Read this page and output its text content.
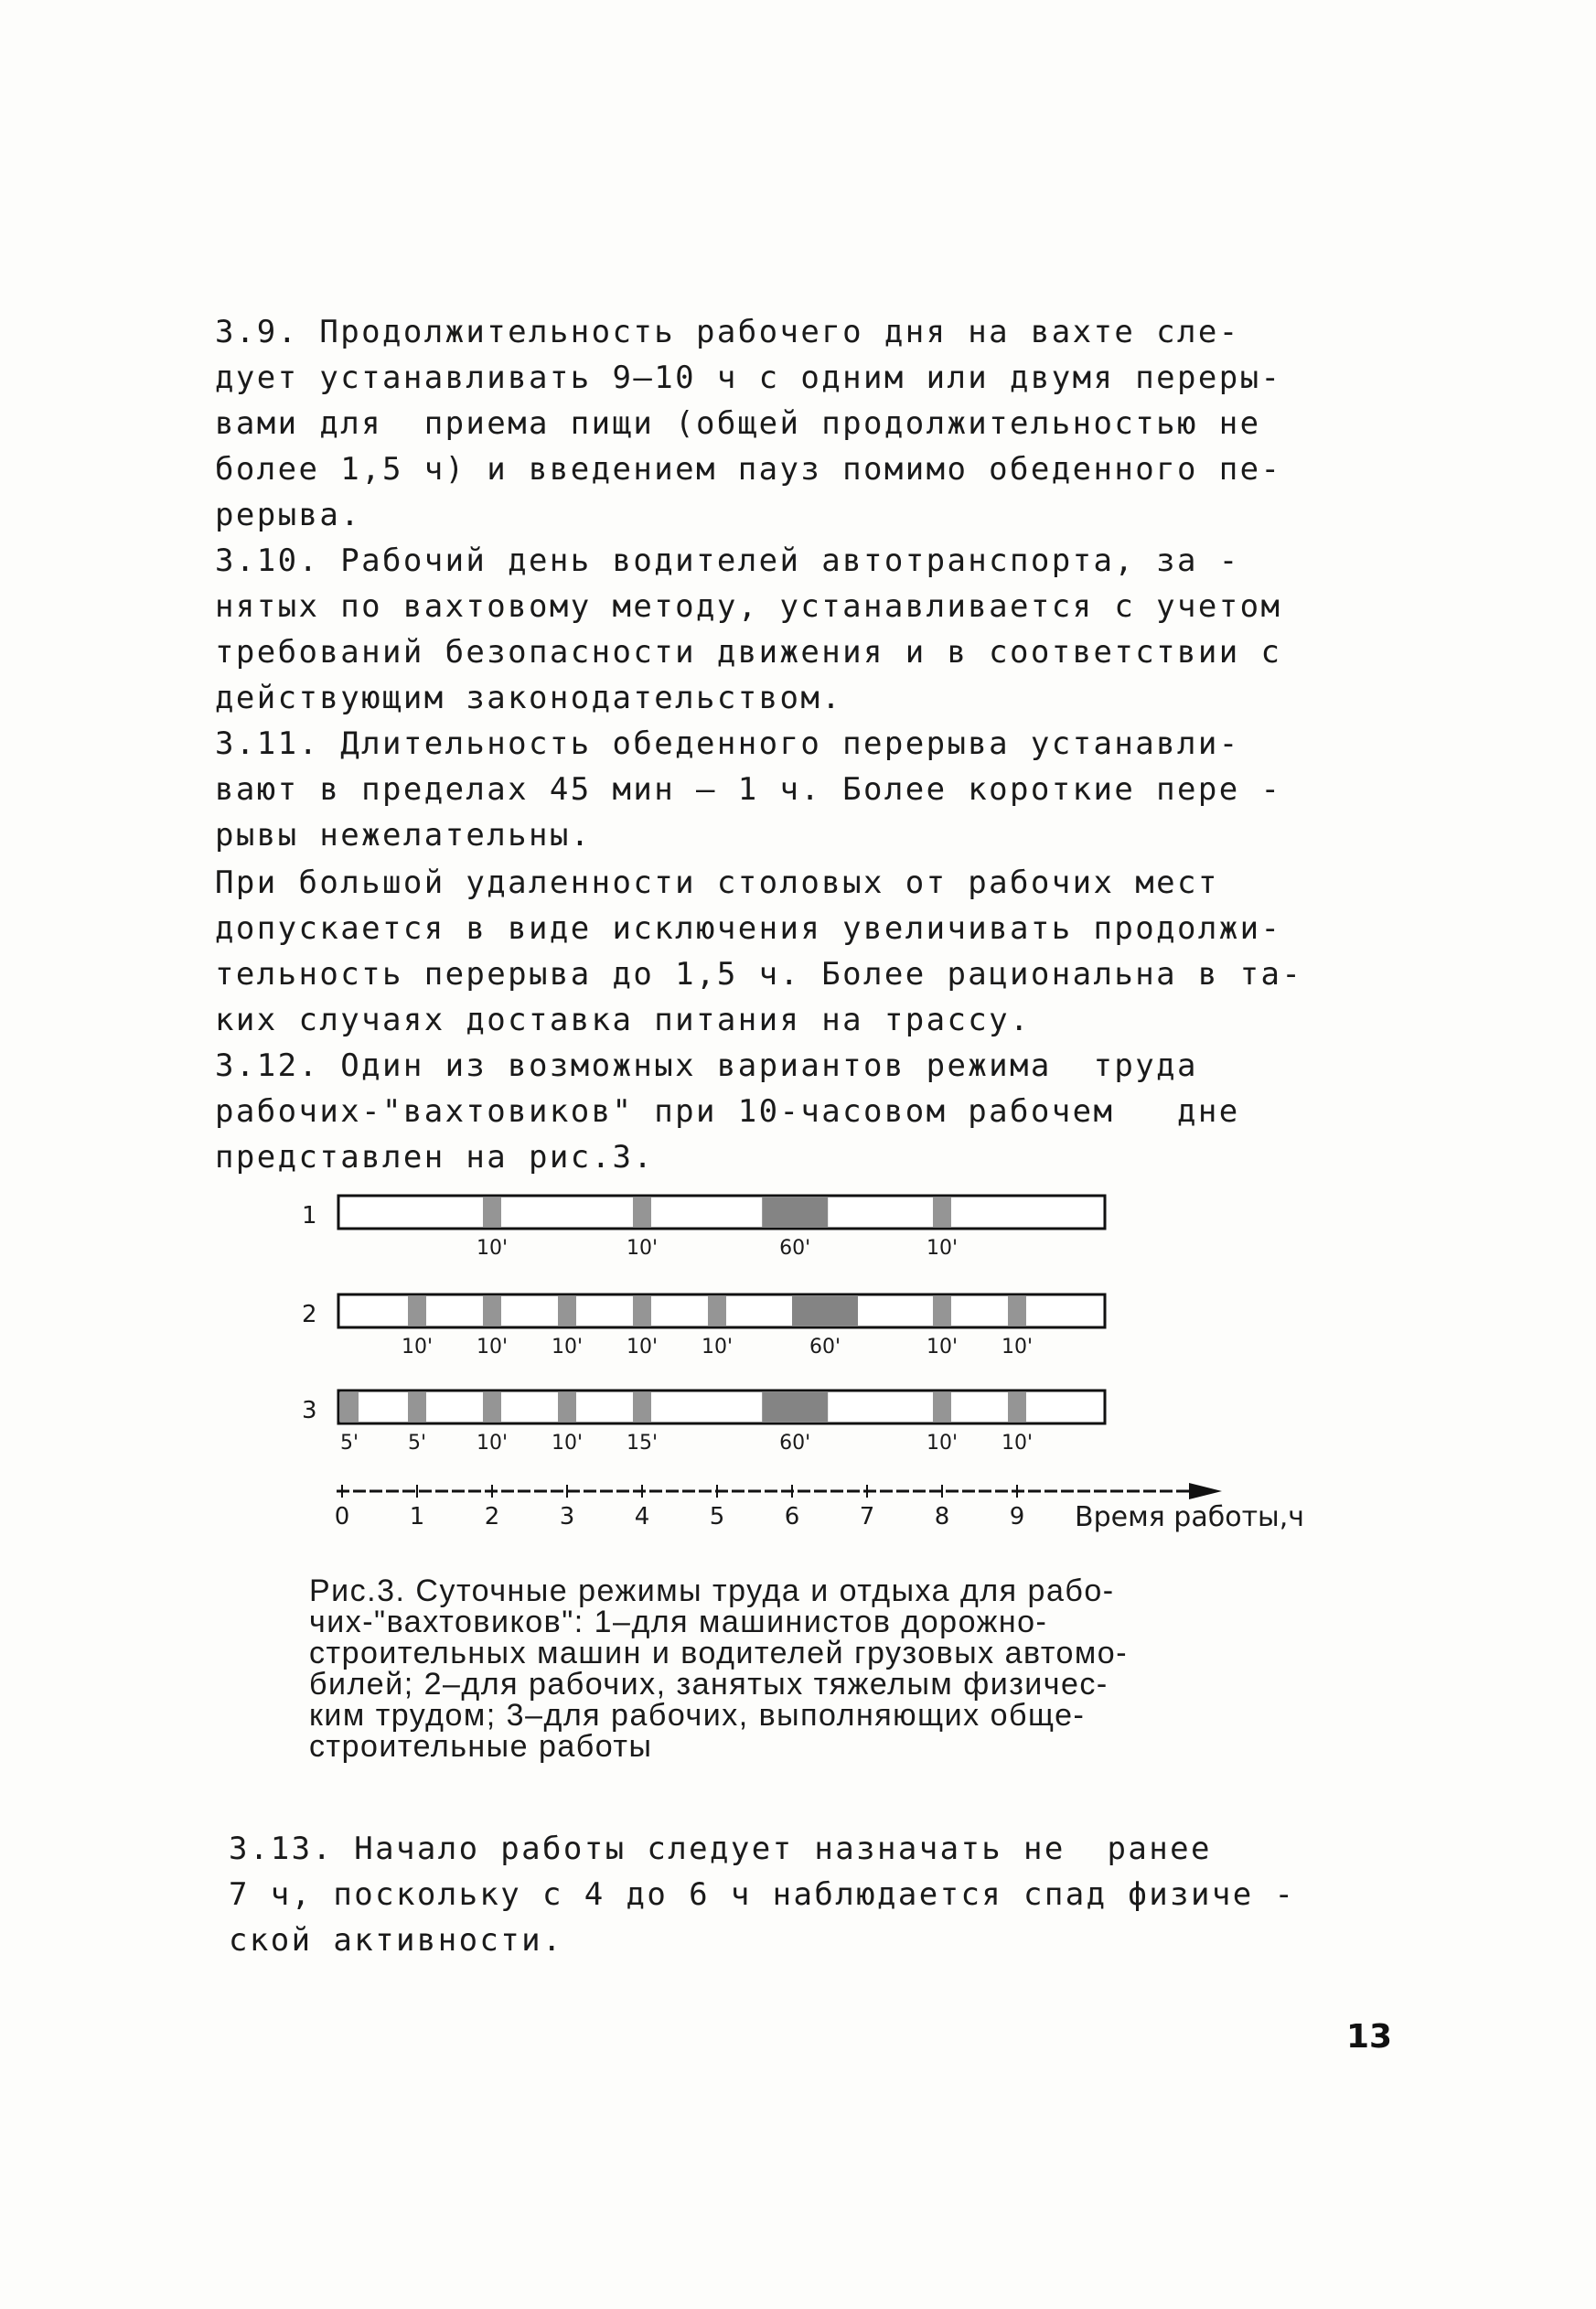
3.9. Продолжительность рабочего дня на вахте сле-
дует устанавливать 9–10 ч с одним или двумя переры-
вами для  приема пищи (общей продолжительностью не
более 1,5 ч) и введением пауз помимо обеденного пе-
рерыва.
3.10. Рабочий день водителей автотранспорта, за -
нятых по вахтовому методу, устанавливается с учетом
требований безопасности движения и в соответствии с
действующим законодательством.
3.11. Длительность обеденного перерыва устанавли-
вают в пределах 45 мин – 1 ч. Более короткие пере -
рывы нежелательны.
При большой удаленности столовых от рабочих мест
допускается в виде исключения увеличивать продолжи-
тельность перерыва до 1,5 ч. Более рациональна в та-
ких случаях доставка питания на трассу.
3.12. Один из возможных вариантов режима  труда
рабочих-"вахтовиков" при 10-часовом рабочем   дне
представлен на рис.3.
1
10'	10'	60'	10'
2
10' 10' 10' 10' 10'	60'	10' 10'
3
5' 5' 10' 10' 15'	60'	10' 10'
0	1	2	3	4	5	6	7	8	9 Время работы,ч
Рис.3. Суточные режимы труда и отдыха для рабо-
чих-"вахтовиков": 1–для машинистов дорожно-
строительных машин и водителей грузовых автомо-
билей; 2–для рабочих, занятых тяжелым физичес-
ким трудом; 3–для рабочих, выполняющих обще-
строительные работы
3.13. Начало работы следует назначать не  ранее
7 ч, поскольку с 4 до 6 ч наблюдается спад физиче -
ской активности.
13
